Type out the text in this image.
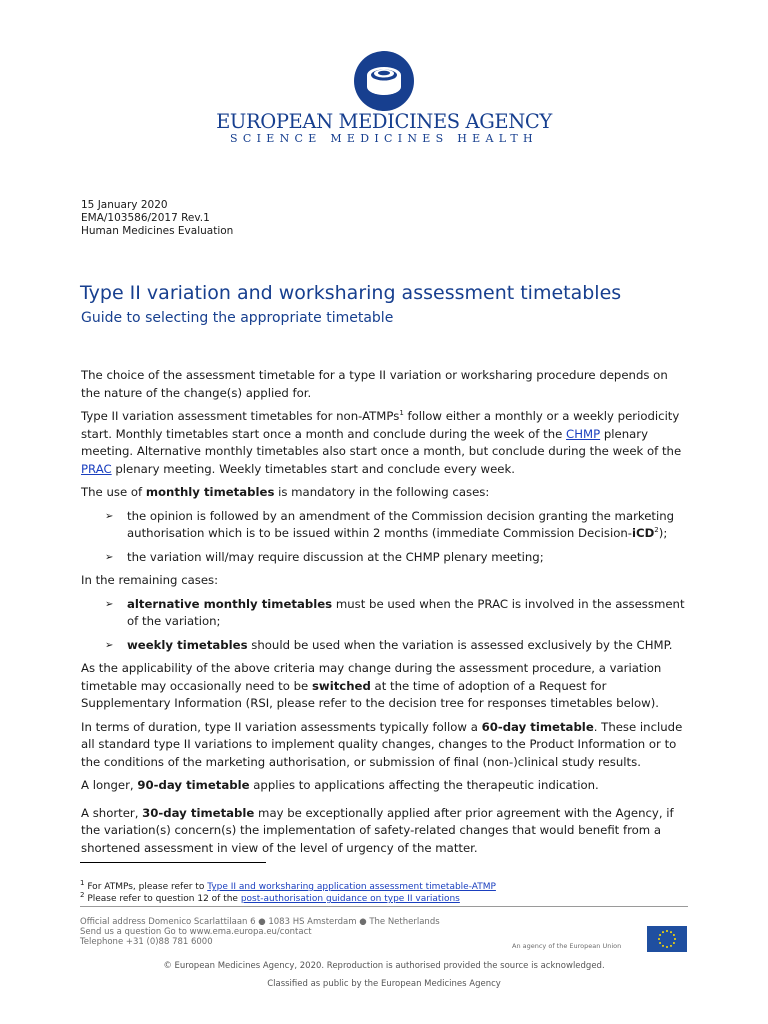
EUROPEAN MEDICINES AGENCY
SCIENCE MEDICINES HEALTH
15 January 2020
EMA/103586/2017 Rev.1
Human Medicines Evaluation
Type II variation and worksharing assessment timetables
Guide to selecting the appropriate timetable

The choice of the assessment timetable for a type II variation or worksharing procedure depends on the nature of the change(s) applied for.

Type II variation assessment timetables for non-ATMPs$^1$ follow either a monthly or a weekly periodicity start. Monthly timetables start once a month and conclude during the week of the CHMP plenary meeting. Alternative monthly timetables also start once a month, but conclude during the week of the PRAC plenary meeting. Weekly timetables start and conclude every week.

The use of monthly timetables is mandatory in the following cases:

➢ the opinion is followed by an amendment of the Commission decision granting the marketing authorisation which is to be issued within 2 months (immediate Commission Decision-iCD$^2$);
➢ the variation will/may require discussion at the CHMP plenary meeting;

In the remaining cases:

➢ alternative monthly timetables must be used when the PRAC is involved in the assessment of the variation;
➢ weekly timetables should be used when the variation is assessed exclusively by the CHMP.

As the applicability of the above criteria may change during the assessment procedure, a variation timetable may occasionally need to be switched at the time of adoption of a Request for Supplementary Information (RSI, please refer to the decision tree for responses timetables below).

In terms of duration, type II variation assessments typically follow a 60-day timetable. These include all standard type II variations to implement quality changes, changes to the Product Information or to the conditions of the marketing authorisation, or submission of final (non-)clinical study results.

A longer, 90-day timetable applies to applications affecting the therapeutic indication.

A shorter, 30-day timetable may be exceptionally applied after prior agreement with the Agency, if the variation(s) concern(s) the implementation of safety-related changes that would benefit from a shortened assessment in view of the level of urgency of the matter.

$^1$ For ATMPs, please refer to Type II and worksharing application assessment timetable-ATMP
$^2$ Please refer to question 12 of the post-authorisation guidance on type II variations
Official address Domenico Scarlattilaan 6 ● 1083 HS Amsterdam ● The Netherlands
Send us a question Go to www.ema.europa.eu/contact
Telephone +31 (0)88 781 6000	An agency of the European Union
© European Medicines Agency, 2020. Reproduction is authorised provided the source is acknowledged.
Classified as public by the European Medicines Agency
